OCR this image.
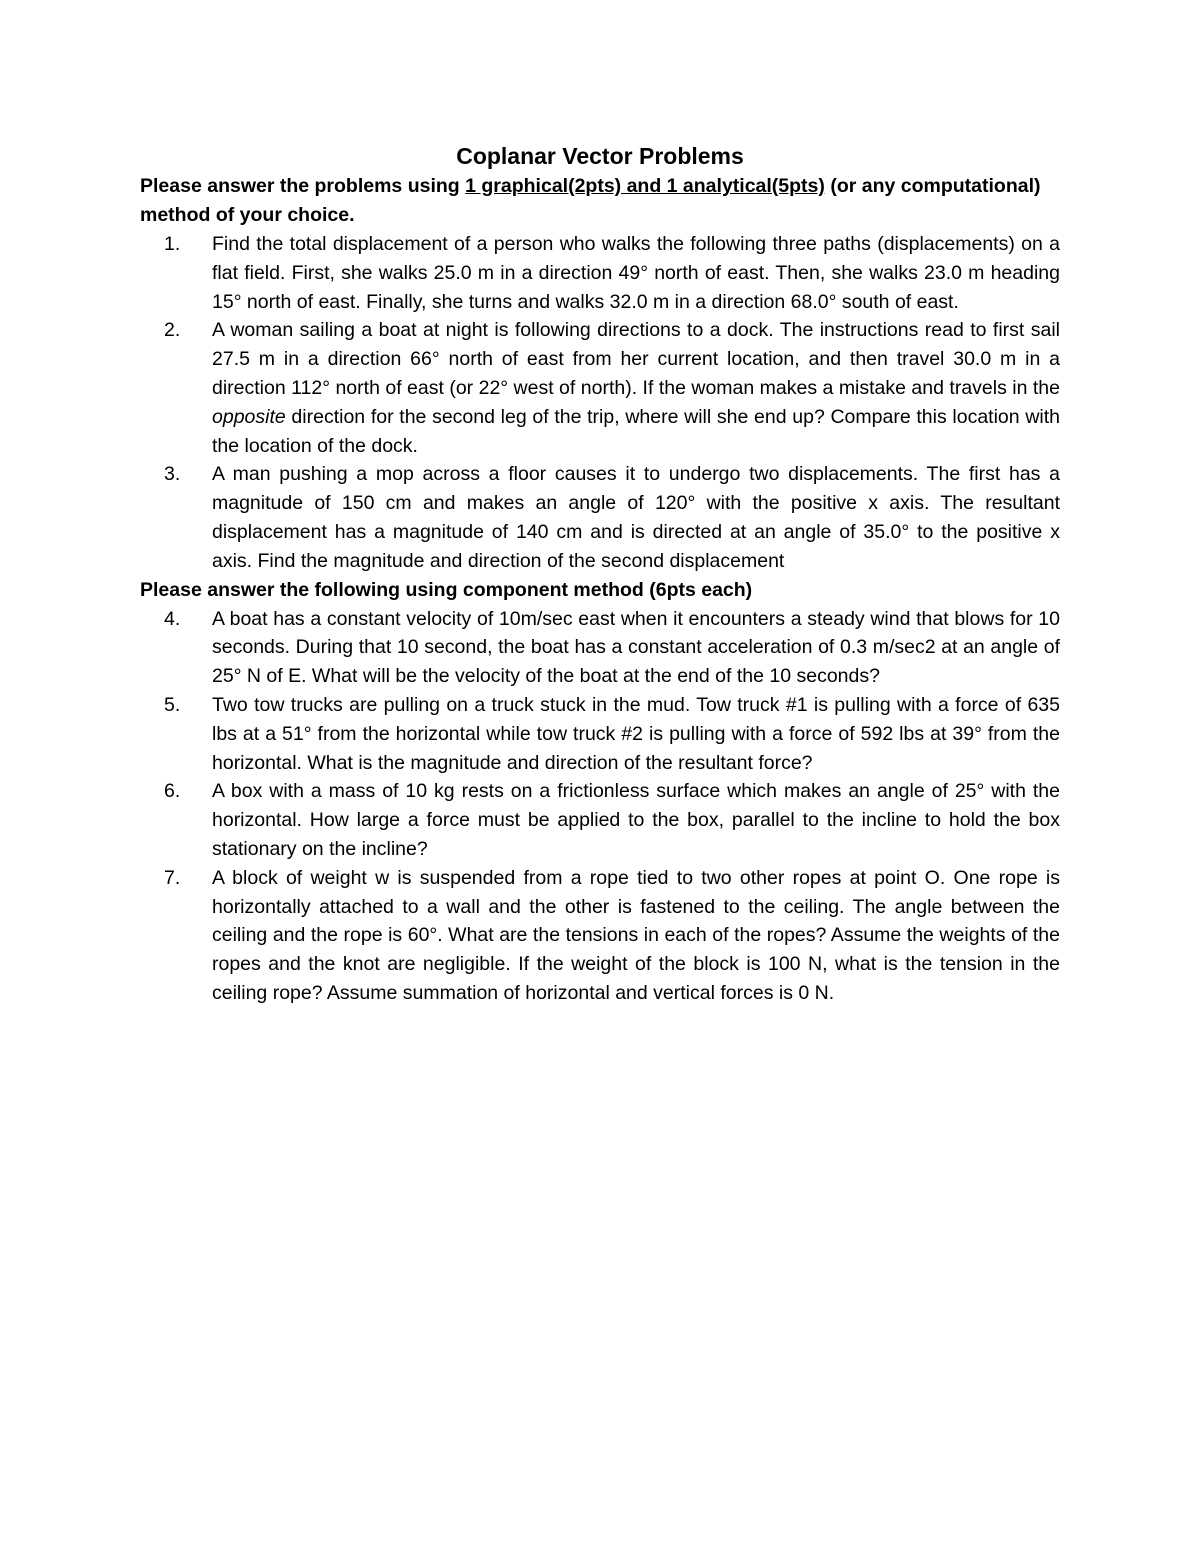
Coplanar Vector Problems

Please answer the problems using 1 graphical(2pts) and 1 analytical(5pts) (or any computational) method of your choice.

1. Find the total displacement of a person who walks the following three paths (displacements) on a flat field. First, she walks 25.0 m in a direction 49° north of east. Then, she walks 23.0 m heading 15° north of east. Finally, she turns and walks 32.0 m in a direction 68.0° south of east.
2. A woman sailing a boat at night is following directions to a dock. The instructions read to first sail 27.5 m in a direction 66° north of east from her current location, and then travel 30.0 m in a direction 112° north of east (or 22° west of north). If the woman makes a mistake and travels in the opposite direction for the second leg of the trip, where will she end up? Compare this location with the location of the dock.
3. A man pushing a mop across a floor causes it to undergo two displacements. The first has a magnitude of 150 cm and makes an angle of 120° with the positive x axis. The resultant displacement has a magnitude of 140 cm and is directed at an angle of 35.0° to the positive x axis. Find the magnitude and direction of the second displacement

Please answer the following using component method (6pts each)

4. A boat has a constant velocity of 10m/sec east when it encounters a steady wind that blows for 10 seconds. During that 10 second, the boat has a constant acceleration of 0.3 m/sec2 at an angle of 25° N of E. What will be the velocity of the boat at the end of the 10 seconds?
5. Two tow trucks are pulling on a truck stuck in the mud. Tow truck #1 is pulling with a force of 635 lbs at a 51° from the horizontal while tow truck #2 is pulling with a force of 592 lbs at 39° from the horizontal. What is the magnitude and direction of the resultant force?
6. A box with a mass of 10 kg rests on a frictionless surface which makes an angle of 25° with the horizontal. How large a force must be applied to the box, parallel to the incline to hold the box stationary on the incline?
7. A block of weight w is suspended from a rope tied to two other ropes at point O. One rope is horizontally attached to a wall and the other is fastened to the ceiling. The angle between the ceiling and the rope is 60°. What are the tensions in each of the ropes? Assume the weights of the ropes and the knot are negligible. If the weight of the block is 100 N, what is the tension in the ceiling rope? Assume summation of horizontal and vertical forces is 0 N.
